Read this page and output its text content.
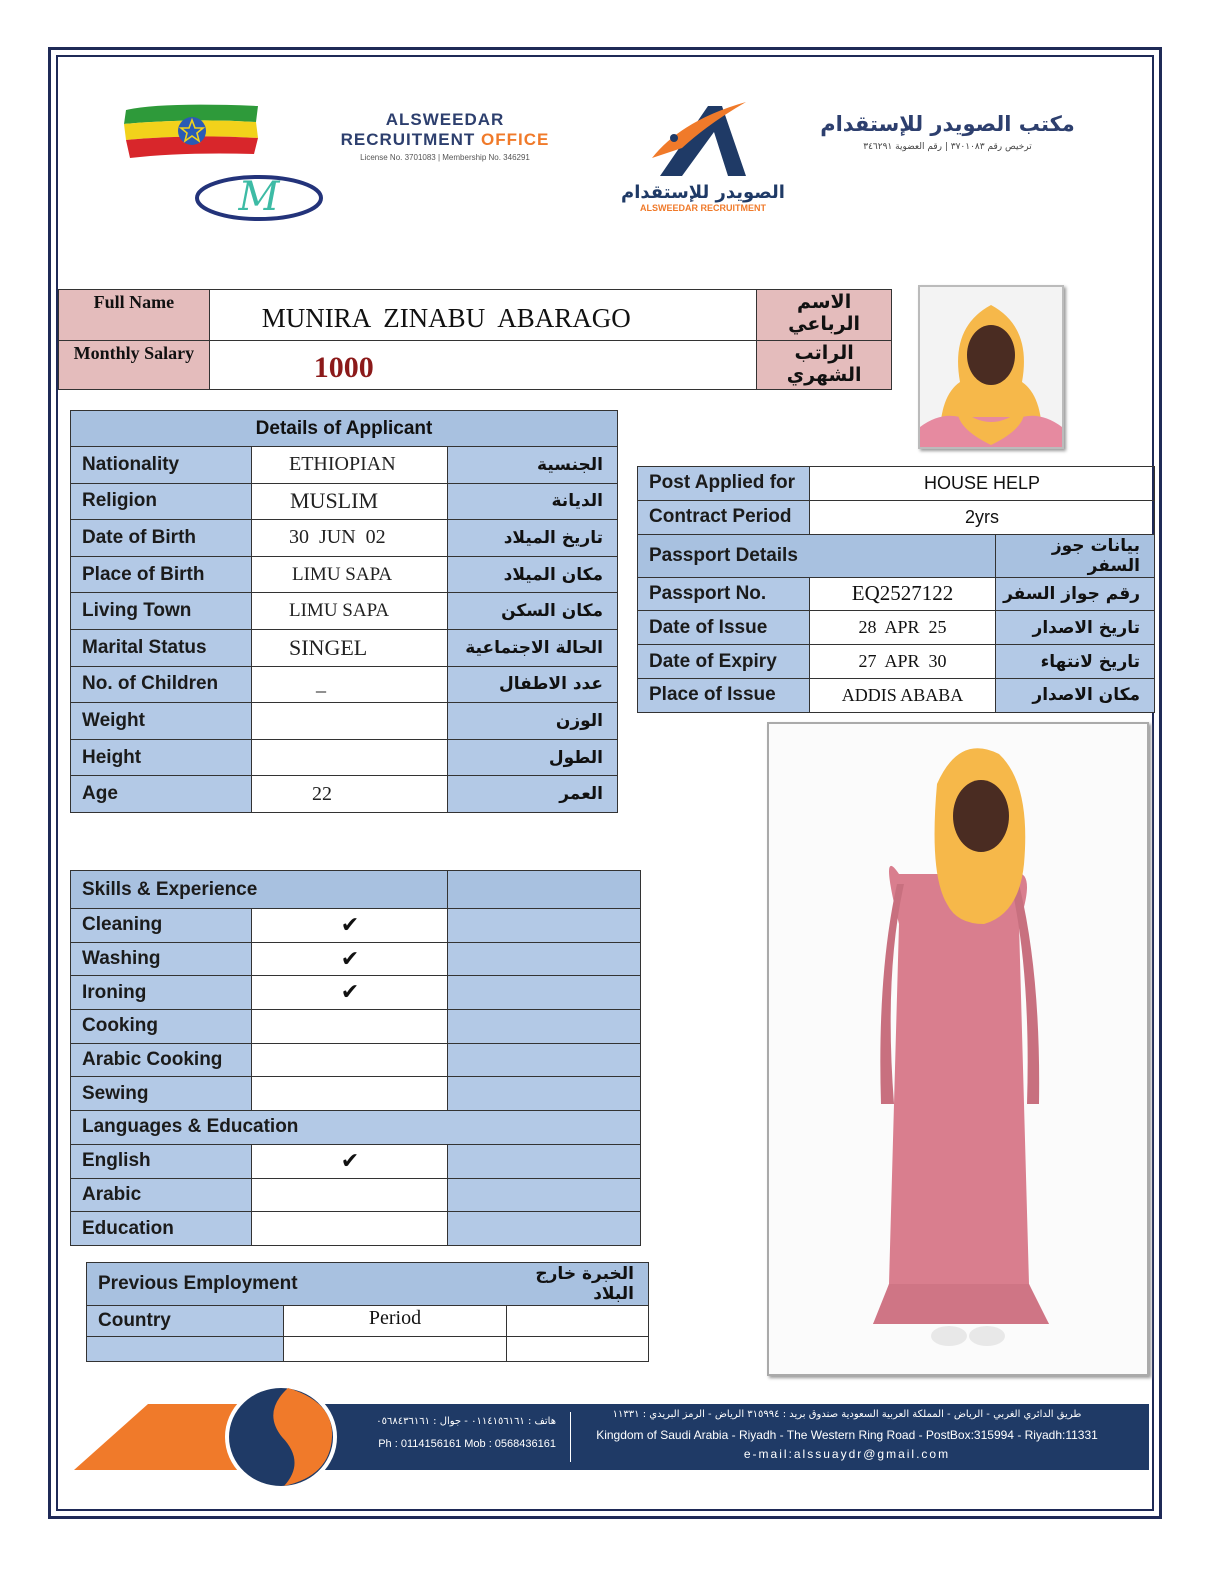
M
ALSWEEDAR
RECRUITMENT OFFICE
License No. 3701083 | Membership No. 346291
الصويدر للإستقدام
ALSWEEDAR RECRUITMENT
مكتب الصويدر للإستقدام
ترخيص رقم ٣٧٠١٠٨٣ | رقم العضوية ٣٤٦٢٩١
Full Name	MUNIRA  ZINABU  ABARAGO	الاسم الرباعي
Monthly Salary	1000	الراتب الشهري
Details of Applicant		
Nationality	ETHIOPIAN	الجنسية
Religion	MUSLIM	الديانة
Date of Birth	30  JUN  02	تاريخ الميلاد
Place of Birth	LIMU SAPA	مكان الميلاد
Living Town	LIMU SAPA	مكان السكن
Marital Status	SINGEL	الحالة الاجتماعية
No. of Children	_	عدد الاطفال
Weight		الوزن
Height		الطول
Age	22	العمر
Post Applied for	HOUSE HELP	
Contract Period	2yrs	
Passport Details		بيانات جوز السفر
Passport No.	EQ2527122	رقم جواز السفر
Date of Issue	28  APR  25	تاريخ الاصدار
Date of Expiry	27  APR  30	تاريخ لانتهاء
Place of Issue	ADDIS ABABA	مكان الاصدار
Skills & Experience		
Cleaning	✔	
Washing	✔	
Ironing	✔	
Cooking		
Arabic Cooking		
Sewing		
Languages & Education		
English	✔	
Arabic		
Education		
Previous Employment		الخبرة خارج البلاد
Country	Period	

هاتف : ٠١١٤١٥٦١٦١ - جوال : ٠٥٦٨٤٣٦١٦١
Ph : 0114156161 Mob : 0568436161
طريق الدائري الغربي - الرياض - المملكة العربية السعودية صندوق بريد : ٣١٥٩٩٤ الرياض - الرمز البريدي : ١١٣٣١
Kingdom of Saudi Arabia - Riyadh - The Western Ring Road - PostBox:315994 - Riyadh:11331
e-mail:alssuaydr@gmail.com
